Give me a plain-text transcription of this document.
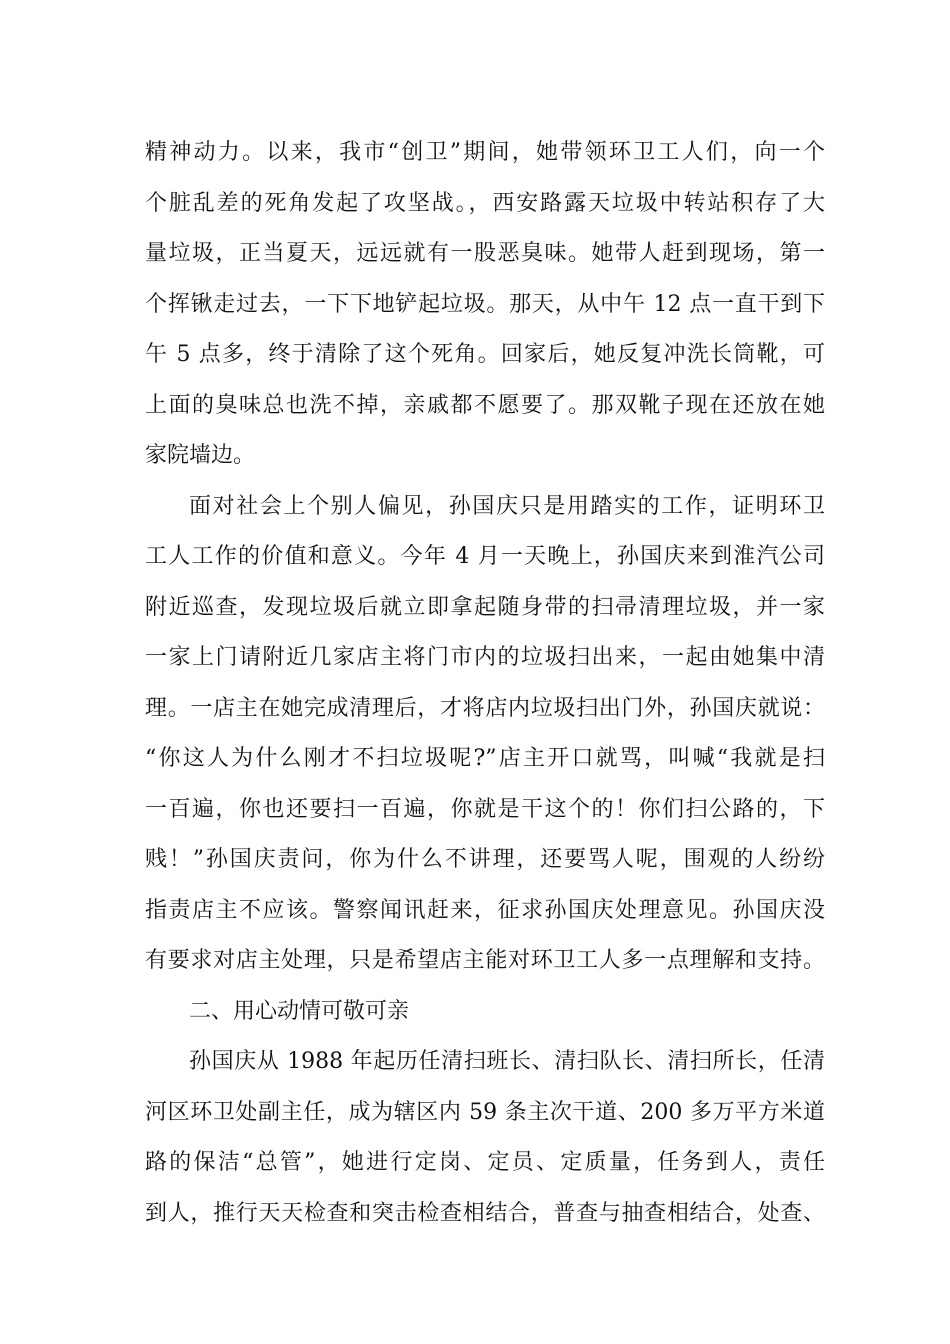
精神动力。以来，我市“创卫”期间，她带领环卫工人们，向一个
个脏乱差的死角发起了攻坚战。，西安路露天垃圾中转站积存了大
量垃圾，正当夏天，远远就有一股恶臭味。她带人赶到现场，第一
个挥锹走过去，一下下地铲起垃圾。那天，从中午 12 点一直干到下
午 5 点多，终于清除了这个死角。回家后，她反复冲洗长筒靴，可
上面的臭味总也洗不掉，亲戚都不愿要了。那双靴子现在还放在她
家院墙边。
面对社会上个别人偏见，孙国庆只是用踏实的工作，证明环卫
工人工作的价值和意义。今年 4 月一天晚上，孙国庆来到淮汽公司
附近巡查，发现垃圾后就立即拿起随身带的扫帚清理垃圾，并一家
一家上门请附近几家店主将门市内的垃圾扫出来，一起由她集中清
理。一店主在她完成清理后，才将店内垃圾扫出门外，孙国庆就说：
“你这人为什么刚才不扫垃圾呢?”店主开口就骂，叫喊“我就是扫
一百遍，你也还要扫一百遍，你就是干这个的！你们扫公路的，下
贱！”孙国庆责问，你为什么不讲理，还要骂人呢，围观的人纷纷
指责店主不应该。警察闻讯赶来，征求孙国庆处理意见。孙国庆没
有要求对店主处理，只是希望店主能对环卫工人多一点理解和支持。
二、用心动情可敬可亲
孙国庆从 1988 年起历任清扫班长、清扫队长、清扫所长，任清
河区环卫处副主任，成为辖区内 59 条主次干道、200 多万平方米道
路的保洁“总管”，她进行定岗、定员、定质量，任务到人，责任
到人，推行天天检查和突击检查相结合，普查与抽查相结合，处查、
